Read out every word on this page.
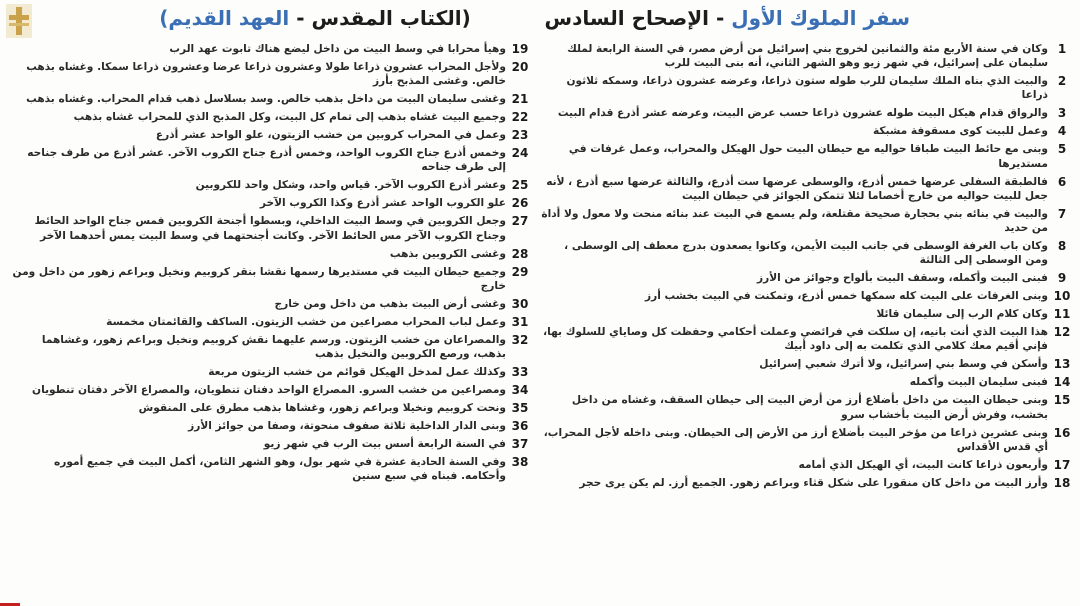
(الكتاب المقدس - العهد القديم)	سفر الملوك الأول - الإصحاح السادس
1
وكان في سنة الأربع مئة والثمانين لخروج بني إسرائيل من أرض مصر، في السنة الرابعة لملك سليمان على إسرائيل، في شهر زيو وهو الشهر الثاني، أنه بنى البيت للرب
2
والبيت الذي بناه الملك سليمان للرب طوله ستون ذراعا، وعرضه عشرون ذراعا، وسمكه ثلاثون ذراعا
3
والرواق قدام هيكل البيت طوله عشرون ذراعا حسب عرض البيت، وعرضه عشر أذرع قدام البيت
4
وعمل للبيت كوى مسقوفة مشبكة
5
وبنى مع حائط البيت طباقا حواليه مع حيطان البيت حول الهيكل والمحراب، وعمل غرفات في مستديرها
6
فالطبقة السفلى عرضها خمس أذرع، والوسطى عرضها ست أذرع، والثالثة عرضها سبع أذرع ، لأنه جعل للبيت حواليه من خارج أخصاما لئلا تتمكن الجوائز في حيطان البيت
7
والبيت في بنائه بني بحجارة صحيحة مقتلعة، ولم يسمع في البيت عند بنائه منحت ولا معول ولا أداة من حديد
8
وكان باب الغرفة الوسطى في جانب البيت الأيمن، وكانوا يصعدون بدرج معطف إلى الوسطى ، ومن الوسطى إلى الثالثة
9
فبنى البيت وأكمله، وسقف البيت بألواح وجوائز من الأرز
10
وبنى الغرفات على البيت كله سمكها خمس أذرع، وتمكنت في البيت بخشب أرز
11
وكان كلام الرب إلى سليمان قائلا
12
هذا البيت الذي أنت بانيه، إن سلكت في فرائضي وعملت أحكامي وحفظت كل وصاياي للسلوك بها، فإني أقيم معك كلامي الذي تكلمت به إلى داود أبيك
13
وأسكن في وسط بني إسرائيل، ولا أترك شعبي إسرائيل
14
فبنى سليمان البيت وأكمله
15
وبنى حيطان البيت من داخل بأضلاع أرز من أرض البيت إلى حيطان السقف، وغشاه من داخل بخشب، وفرش أرض البيت بأخشاب سرو
16
وبنى عشرين ذراعا من مؤخر البيت بأضلاع أرز من الأرض إلى الحيطان. وبنى داخله لأجل المحراب، أي قدس الأقداس
17
وأربعون ذراعا كانت البيت، أي الهيكل الذي أمامه
18
وأرز البيت من داخل كان منقورا على شكل قثاء وبراعم زهور. الجميع أرز. لم يكن يرى حجر
19
وهيأ محرابا في وسط البيت من داخل ليضع هناك تابوت عهد الرب
20
ولأجل المحراب عشرون ذراعا طولا وعشرون ذراعا عرضا وعشرون ذراعا سمكا. وغشاه بذهب خالص. وغشى المذبح بأرز
21
وغشى سليمان البيت من داخل بذهب خالص. وسد بسلاسل ذهب قدام المحراب. وغشاه بذهب
22
وجميع البيت غشاه بذهب إلى تمام كل البيت، وكل المذبح الذي للمحراب غشاه بذهب
23
وعمل في المحراب كروبين من خشب الزيتون، علو الواحد عشر أذرع
24
وخمس أذرع جناح الكروب الواحد، وخمس أذرع جناح الكروب الآخر. عشر أذرع من طرف جناحه إلى طرف جناحه
25
وعشر أذرع الكروب الآخر. قياس واحد، وشكل واحد للكروبين
26
علو الكروب الواحد عشر أذرع وكذا الكروب الآخر
27
وجعل الكروبين في وسط البيت الداخلي، وبسطوا أجنحة الكروبين فمس جناح الواحد الحائط وجناح الكروب الآخر مس الحائط الآخر. وكانت أجنحتهما في وسط البيت يمس أحدهما الآخر
28
وغشى الكروبين بذهب
29
وجميع حيطان البيت في مستديرها رسمها نقشا بنقر كروبيم ونخيل وبراعم زهور من داخل ومن خارج
30
وغشى أرض البيت بذهب من داخل ومن خارج
31
وعمل لباب المحراب مصراعين من خشب الزيتون. الساكف والقائمتان مخمسة
32
والمصراعان من خشب الزيتون. ورسم عليهما نقش كروبيم ونخيل وبراعم زهور، وغشاهما بذهب، ورصع الكروبين والنخيل بذهب
33
وكذلك عمل لمدخل الهيكل قوائم من خشب الزيتون مربعة
34
ومصراعين من خشب السرو. المصراع الواحد دفتان تنطويان، والمصراع الآخر دفتان تنطويان
35
ونحت كروبيم ونخيلا وبراعم زهور، وغشاها بذهب مطرق على المنقوش
36
وبنى الدار الداخلية ثلاثة صفوف منحوتة، وصفا من جوائز الأرز
37
في السنة الرابعة أسس بيت الرب في شهر زيو
38
وفي السنة الحادية عشرة في شهر بول، وهو الشهر الثامن، أكمل البيت في جميع أموره وأحكامه. فبناه في سبع سنين
